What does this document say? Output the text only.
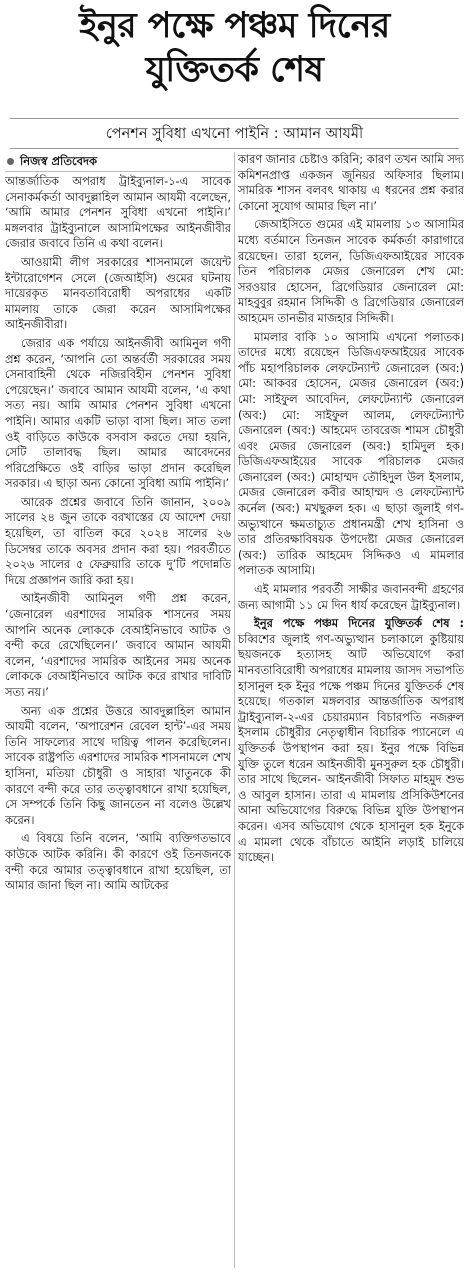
ইনুর পক্ষে পঞ্চম দিনের
যুক্তিতর্ক শেষ
পেনশন সুবিধা এখনো পাইনি : আমান আযমী
নিজস্ব প্রতিবেদক

আন্তর্জাতিক অপরাধ ট্রাইব্যুনাল-১-এ সাবেক সেনাকর্মকর্তা আবদুল্লাহিল আমান আযমী বলেছেন, ‘আমি আমার পেনশন সুবিধা এখনো পাইনি।’ মঙ্গলবার ট্রাইব্যুনালে আসামিপক্ষের আইনজীবীর জেরার জবাবে তিনি এ কথা বলেন।

আওয়ামী লীগ সরকারের শাসনামলে জয়েন্ট ইন্টারোগেশন সেলে (জেআইসি) গুমের ঘটনায় দায়েরকৃত মানবতাবিরোধী অপরাধের একটি মামলায় তাকে জেরা করেন আসামিপক্ষের আইনজীবীরা।

জেরার এক পর্যায়ে আইনজীবী আমিনুল গণী প্রশ্ন করেন, ‘আপনি তো অন্তর্বর্তী সরকারের সময় সেনাবাহিনী থেকে নজিরবিহীন পেনশন সুবিধা পেয়েছেন।’ জবাবে আমান আযমী বলেন, ‘এ কথা সত্য নয়। আমি আমার পেনশন সুবিধা এখনো পাইনি। আমার একটি ভাড়া বাসা ছিল। সাত তলা ওই বাড়িতে কাউকে বসবাস করতে দেয়া হয়নি, সেটি তালাবদ্ধ ছিল। আমার আবেদনের পরিপ্রেক্ষিতে ওই বাড়ির ভাড়া প্রদান করেছিল সরকার। এ ছাড়া অন্য কোনো সুবিধা আমি পাইনি।’

আরেক প্রশ্নের জবাবে তিনি জানান, ২০০৯ সালের ২৪ জুন তাকে বরখাস্তের যে আদেশ দেয়া হয়েছিল, তা বাতিল করে ২০২৪ সালের ২৬ ডিসেম্বর তাকে অবসর প্রদান করা হয়। পরবর্তীতে ২০২৬ সালের ৫ ফেব্রুয়ারি তাকে দু’টি পদোন্নতি দিয়ে প্রজ্ঞাপন জারি করা হয়।

আইনজীবী আমিনুল গণী প্রশ্ন করেন, ‘জেনারেল এরশাদের সামরিক শাসনের সময় আপনি অনেক লোককে বেআইনিভাবে আটক ও বন্দী করে রেখেছিলেন।’ জবাবে আমান আযমী বলেন, ‘এরশাদের সামরিক আইনের সময় অনেক লোককে বেআইনিভাবে আটক করে রাখার দাবিটি সত্য নয়।’

অন্য এক প্রশ্নের উত্তরে আবদুল্লাহিল আমান আযমী বলেন, ‘অপারেশন রেবেল হান্ট’-এর সময় তিনি সাফল্যের সাথে দায়িত্ব পালন করেছিলেন। সাবেক রাষ্ট্রপতি এরশাদের সামরিক শাসনামলে শেখ হাসিনা, মতিয়া চৌধুরী ও সাহারা খাতুনকে কী কারণে বন্দী করে তার তত্ত্বাবধানে রাখা হয়েছিল, সে সম্পর্কে তিনি কিছু জানতেন না বলেও উল্লেখ করেন।

এ বিষয়ে তিনি বলেন, ‘আমি ব্যক্তিগতভাবে কাউকে আটক করিনি। কী কারণে ওই তিনজনকে বন্দী করে আমার তত্ত্বাবধানে রাখা হয়েছিল, তা আমার জানা ছিল না। আমি আটকের

কারণ জানার চেষ্টাও করিনি; কারণ তখন আমি সদ্য কমিশনপ্রাপ্ত একজন জুনিয়র অফিসার ছিলাম। সামরিক শাসন বলবৎ থাকায় এ ধরনের প্রশ্ন করার কোনো সুযোগ আমার ছিল না।’

জেআইসিতে গুমের এই মামলায় ১৩ আসামির মধ্যে বর্তমানে তিনজন সাবেক কর্মকর্তা কারাগারে রয়েছেন। তারা হলেন, ডিজিএফআইয়ের সাবেক তিন পরিচালক মেজর জেনারেল শেখ মো: সরওয়ার হোসেন, ব্রিগেডিয়ার জেনারেল মো: মাহবুবুর রহমান সিদ্দিকী ও ব্রিগেডিয়ার জেনারেল আহমেদ তানভীর মাজহার সিদ্দিকী।

মামলার বাকি ১০ আসামি এখনো পলাতক। তাদের মধ্যে রয়েছেন ডিজিএফআইয়ের সাবেক পাঁচ মহাপরিচালক লেফটেন্যান্ট জেনারেল (অব:) মো: আকবর হোসেন, মেজর জেনারেল (অব:) মো: সাইফুল আবেদিন, লেফটেন্যান্ট জেনারেল (অব:) মো: সাইফুল আলম, লেফটেন্যান্ট জেনারেল (অব:) আহমেদ তাবরেজ শামস চৌধুরী এবং মেজর জেনারেল (অব:) হামিদুল হক। ডিজিএফআইয়ের সাবেক পরিচালক মেজর জেনারেল (অব:) মোহাম্মদ তৌহিদুল উল ইসলাম, মেজর জেনারেল কবীর আহাম্মদ ও লেফটেন্যান্ট কর্নেল (অব:) মখছুরুল হক। এ ছাড়া জুলাই গণ-অভ্যুত্থানে ক্ষমতাচ্যুত প্রধানমন্ত্রী শেখ হাসিনা ও তার প্রতিরক্ষাবিষয়ক উপদেষ্টা মেজর জেনারেল (অব:) তারিক আহমেদ সিদ্দিকও এ মামলার পলাতক আসামি।

এই মামলার পরবর্তী সাক্ষীর জবানবন্দী গ্রহণের জন্য আগামী ১১ মে দিন ধার্য করেছেন ট্রাইব্যুনাল।

ইনুর পক্ষে পঞ্চম দিনের যুক্তিতর্ক শেষ : চব্বিশের জুলাই গণ-অভ্যুত্থান চলাকালে কুষ্টিয়ায় ছয়জনকে হত্যাসহ আট অভিযোগে করা মানবতাবিরোধী অপরাধের মামলায় জাসদ সভাপতি হাসানুল হক ইনুর পক্ষে পঞ্চম দিনের যুক্তিতর্ক শেষ হয়েছে। গতকাল মঙ্গলবার আন্তর্জাতিক অপরাধ ট্রাইব্যুনাল-২-এর চেয়ারম্যান বিচারপতি নজরুল ইসলাম চৌধুরীর নেতৃত্বাধীন বিচারিক প্যানেলে এ যুক্তিতর্ক উপস্থাপন করা হয়। ইনুর পক্ষে বিভিন্ন যুক্তি তুলে ধরেন আইনজীবী মুনসুরুল হক চৌধুরী। তার সাথে ছিলেন- আইনজীবী সিফাত মাহমুদ শুভ ও আবুল হাসান। তারা এ মামলায় প্রসিকিউশনের আনা অভিযোগের বিরুদ্ধে বিভিন্ন যুক্তি উপস্থাপন করেন। এসব অভিযোগ থেকে হাসানুল হক ইনুকে এ মামলা থেকে বাঁচাতে আইনি লড়াই চালিয়ে যাচ্ছেন।
